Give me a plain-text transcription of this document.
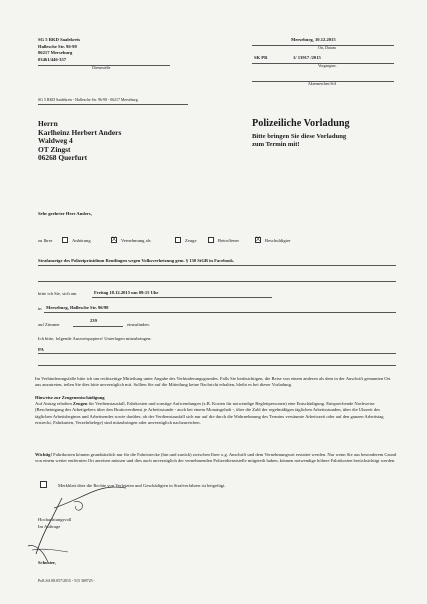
SG 5 RKD Saalekreis
Hallesche Str. 96-98
06217 Merseburg
03461/446-357
Dienststelle
Merseburg, 10.12.2015
Ort, Datum
SK PR	1/ 13917 /2015
Vorgangsnr.
Aktenzeichen StA
SG 5 RKD Saalekreis - Hallesche Str. 96-98 - 06217 Merseburg
Herrn
Karlheinz Herbert Anders
Waldweg 4
OT Zingst
06268 Querfurt
Polizeiliche Vorladung
Bitte bringen Sie diese Vorladung
zum Termin mit!
Sehr geehrter Herr Anders,
zu Ihrer	Anhörung	X Vernehmung als	Zeuge	Betroffener	X Beschuldigter
Strafanzeige des Polizeipräsidium Reutlingen wegen Volksverhetzung gem. § 130 StGB in Facebook.
bitte ich Sie, sich am	Freitag 18.12.2015 um 09:15 Uhr
in Merseburg, Hallesche Str. 96/98
auf Zimmer
239
einzufinden.
Ich bitte, folgende Ausweispapiere/ Unterlagen mitzubringen:
PA
Im Verhinderungsfalle bitte ich um rechtzeitige Mitteilung unter Angabe des Verhinderungsgrundes. Falls Sie beabsichtigen, die Reise von einem anderen als dem in der Anschrift genannten Ort aus anzutreten, teilen Sie dies bitte unverzüglich mit. Sollten Sie auf die Mitteilung keine Nachricht erhalten, bleibt es bei dieser Vorladung.
Hinweise zur Zeugenentschädigung
Auf Antrag erhalten Zeugen für Verdienstausfall, Fahrkosten und sonstige Aufwendungen (z.B. Kosten für notwendige Begleitpersonen) eine Entschädigung. Entsprechende Nachweise (Bescheinigung des Arbeitgebers über den Bruttoverdienst je Arbeitsstunde - auch bei einem Monatsgehalt -, über die Zahl der regelmäßigen täglichen Arbeitsstunden, über die Uhrzeit des täglichen Arbeitsbeginns und Arbeitsendes sowie darüber, ob der Verdienstausfall sich nur auf die durch die Wahrnehmung des Termins versäumte Arbeitszeit oder auf den ganzen Arbeitstag erstreckt, Fahrkarten, Verzehrbelege) sind mitzubringen oder unverzüglich nachzureichen.
Wichtig! Fahrtkosten können grundsätzlich nur für die Fahrtstrecke (hin und zurück) zwischen Ihrer o.g. Anschrift und dem Vernehmungsort erstattet werden. Nur wenn Sie aus besonderem Grund von einem weiter entfernten Ort anreisen müssen und dies auch unverzüglich der vernehmenden Polizeidienststelle mitgeteilt haben, können notwendige höhere Fahrtkosten berücksichtigt werden.
Merkblatt über die Rechte von Verletzten und Geschädigten in Strafverfahren ist beigefügt.
Hochachtungsvoll
Im Auftrage
Schuster,
PolLSA 08.057/2015 - 515 369725 -
